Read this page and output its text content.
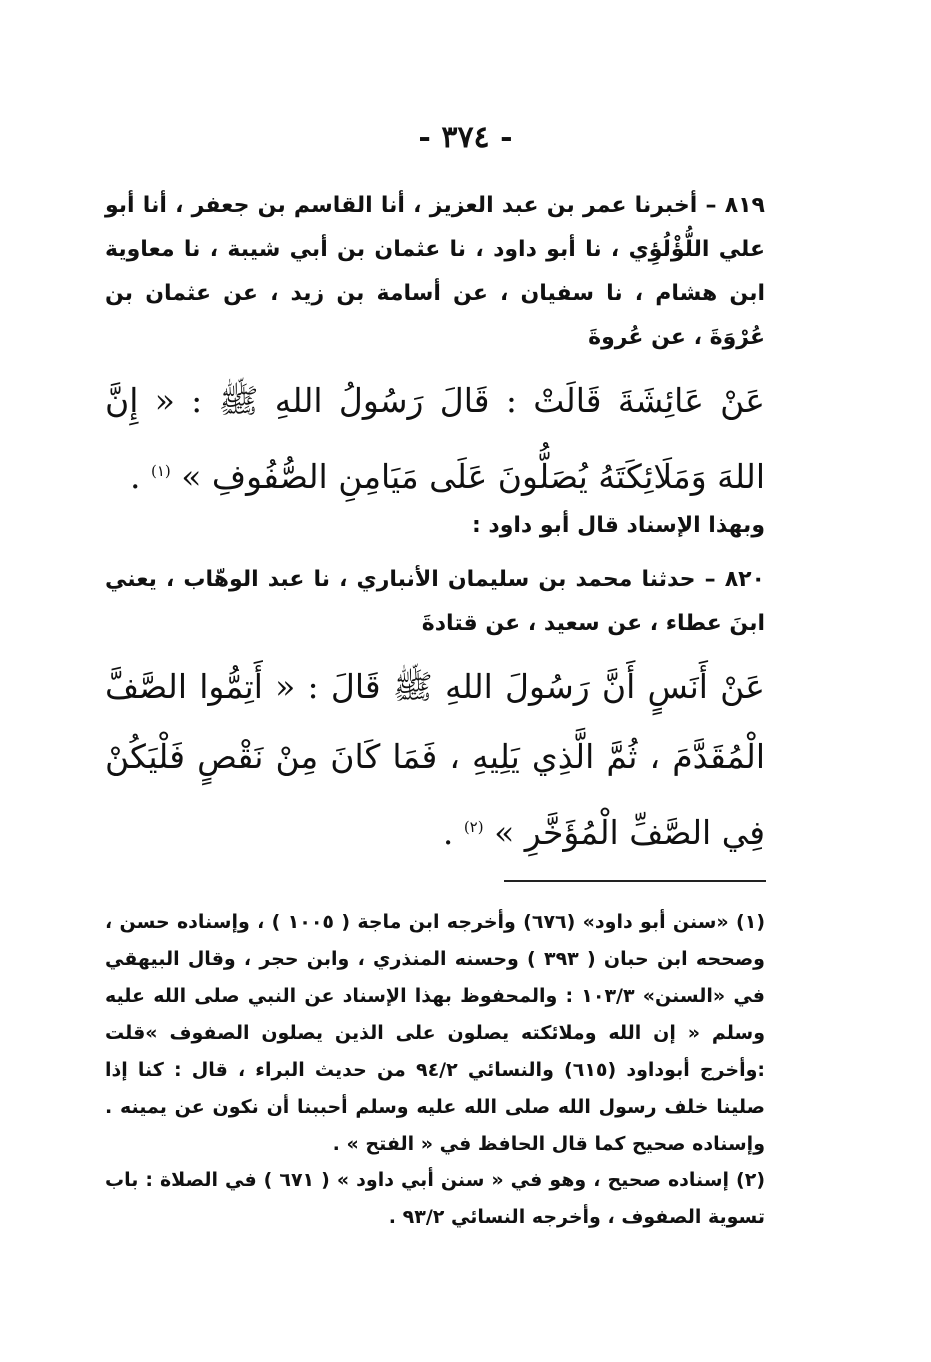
- ٣٧٤ -
٨١٩ – أخبرنا عمر بن عبد العزيز ، أنا القاسم بن جعفر ، أنا أبو علي اللُّؤْلُؤِي ، نا أبو داود ، نا عثمان بن أبي شيبة ، نا معاوية ابن هشام ، نا سفيان ، عن أسامة بن زيد ، عن عثمان بن عُرْوَةَ ، عن عُروةَ
عَنْ عَائِشَةَ قَالَتْ : قَالَ رَسُولُ اللهِ ﷺ : « إِنَّ اللهَ وَمَلَائِكَتَهُ يُصَلُّونَ عَلَى مَيَامِنِ الصُّفُوفِ » $^{(١)}$ .
وبهذا الإسناد قال أبو داود :
٨٢٠ – حدثنا محمد بن سليمان الأنباري ، نا عبد الوهّاب ، يعني ابنَ عطاء ، عن سعيد ، عن قتادةَ
عَنْ أَنَسٍ أَنَّ رَسُولَ اللهِ ﷺ قَالَ : « أَتِمُّوا الصَّفَّ الْمُقَدَّمَ ، ثُمَّ الَّذِي يَلِيهِ ، فَمَا كَانَ مِنْ نَقْصٍ فَلْيَكُنْ فِي الصَّفِّ الْمُؤَخَّرِ » $^{(٢)}$ .
(١) «سنن أبو داود» (٦٧٦) وأخرجه ابن ماجة ( ١٠٠٥ ) ، وإسناده حسن ، وصححه ابن حبان ( ٣٩٣ ) وحسنه المنذري ، وابن حجر ، وقال البيهقي في «السنن» ١٠٣/٣ : والمحفوظ بهذا الإسناد عن النبي صلى الله عليه وسلم « إن الله وملائكته يصلون على الذين يصلون الصفوف »قلت :وأخرج أبوداود (٦١٥) والنسائي ٩٤/٢ من حديث البراء ، قال : كنا إذا صلينا خلف رسول الله صلى الله عليه وسلم أحببنا أن نكون عن يمينه . وإسناده صحيح كما قال الحافظ في « الفتح » .
(٢) إسناده صحيح ، وهو في « سنن أبي داود » ( ٦٧١ ) في الصلاة : باب تسوية الصفوف ، وأخرجه النسائي ٩٣/٢ .
